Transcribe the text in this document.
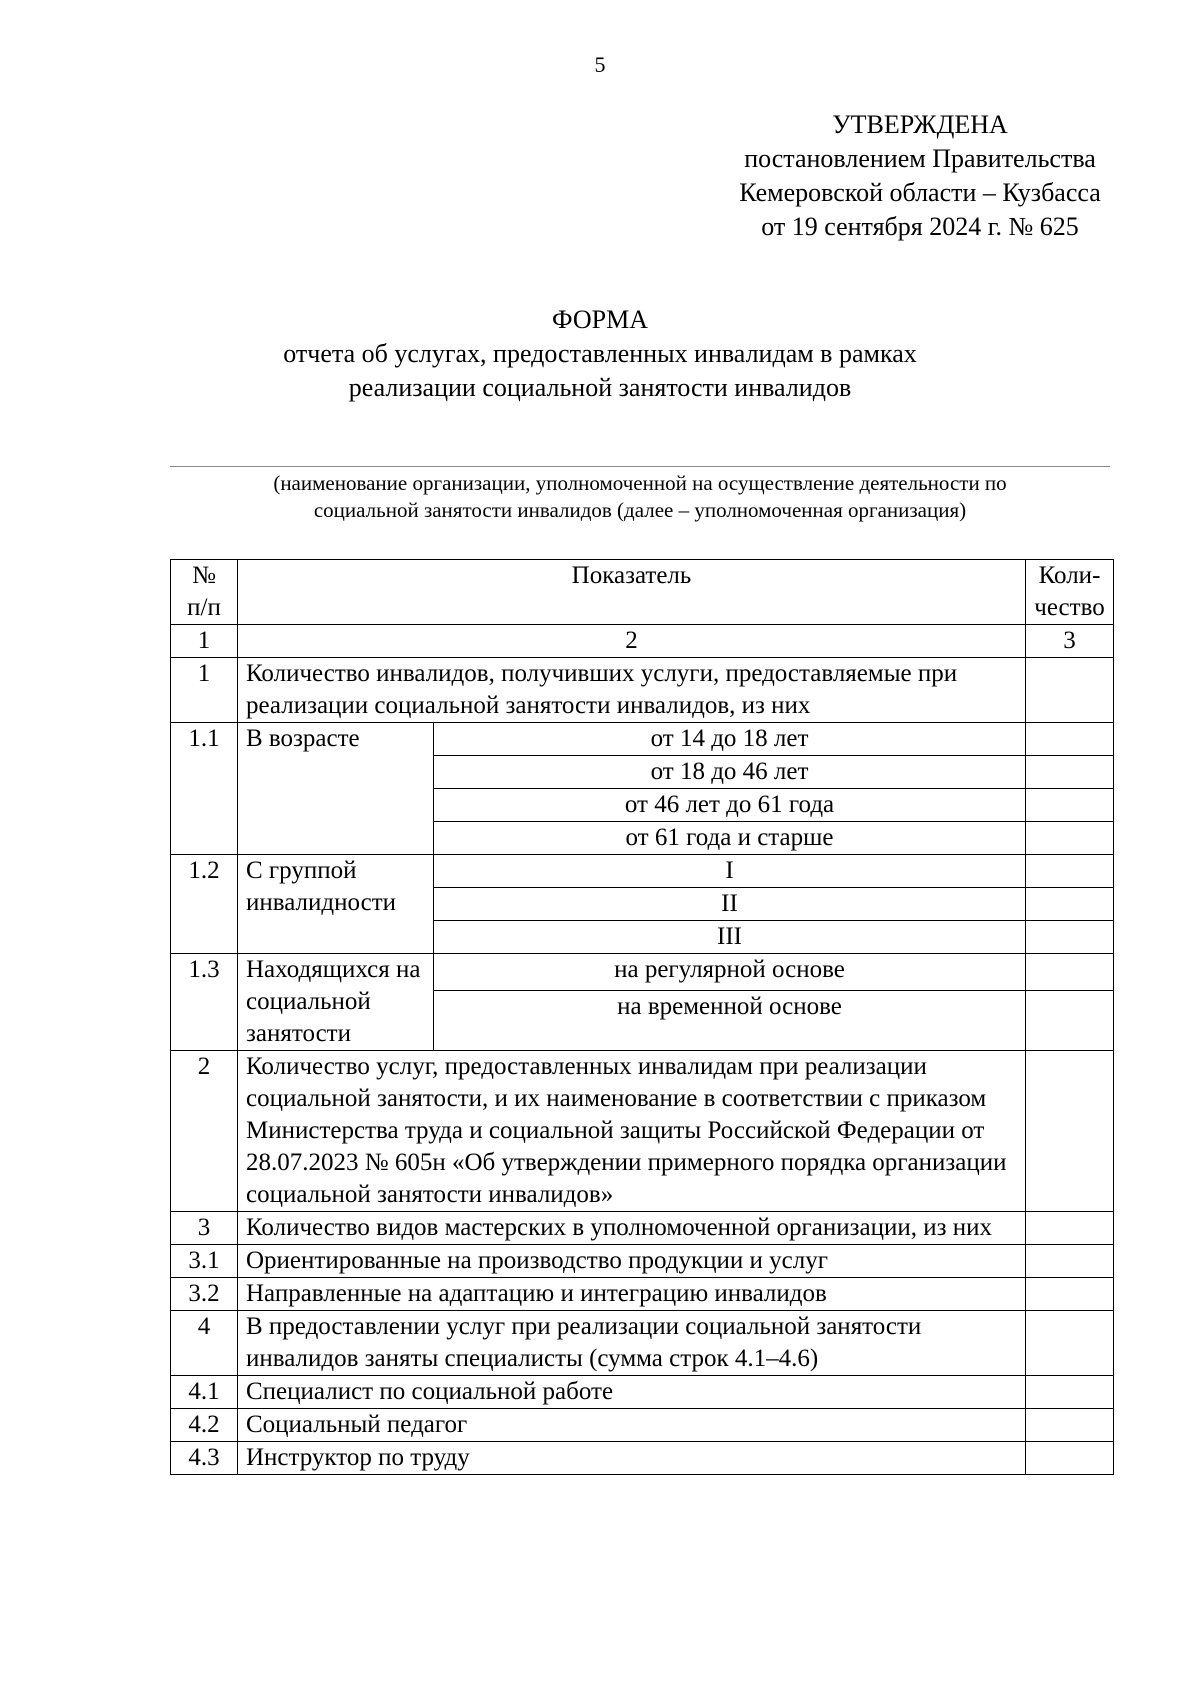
5
УТВЕРЖДЕНА
постановлением Правительства
Кемеровской области – Кузбасса
от 19 сентября 2024 г. № 625
ФОРМА
отчета об услугах, предоставленных инвалидам в рамках
реализации социальной занятости инвалидов
(наименование организации, уполномоченной на осуществление деятельности по
социальной занятости инвалидов (далее – уполномоченная организация)
№ п/п	Показатель		Коли-чество
1	2		3
1	Количество инвалидов, получивших услуги, предоставляемые при реализации социальной занятости инвалидов, из них		
1.1	В возрасте	от 14 до 18 лет	
		от 18 до 46 лет	
		от 46 лет до 61 года	
		от 61 года и старше	
1.2	С группой инвалидности	I	
		II	
		III	
1.3	Находящихся на социальной занятости	на регулярной основе	
		на временной основе	
2	Количество услуг, предоставленных инвалидам при реализации социальной занятости, и их наименование в соответствии с приказом Министерства труда и социальной защиты Российской Федерации от 28.07.2023 № 605н «Об утверждении примерного порядка организации социальной занятости инвалидов»		
3	Количество видов мастерских в уполномоченной организации, из них		
3.1	Ориентированные на производство продукции и услуг		
3.2	Направленные на адаптацию и интеграцию инвалидов		
4	В предоставлении услуг при реализации социальной занятости инвалидов заняты специалисты (сумма строк 4.1–4.6)		
4.1	Специалист по социальной работе		
4.2	Социальный педагог		
4.3	Инструктор по труду		
